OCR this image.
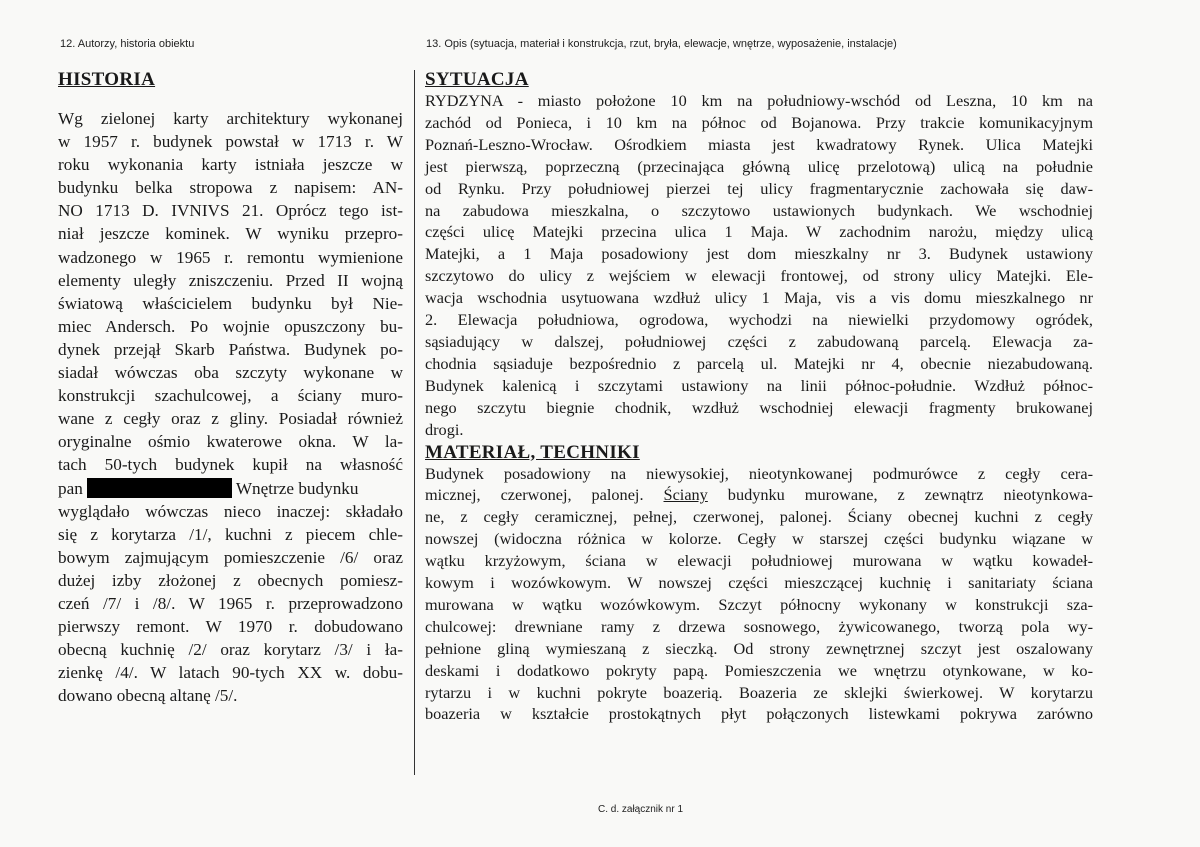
12. Autorzy, historia obiektu	13. Opis (sytuacja, materiał i konstrukcja, rzut, bryła, elewacje, wnętrze, wyposażenie, instalacje)
HISTORIA
Wg zielonej karty architektury wykonanej
w 1957 r. budynek powstał w 1713 r. W
roku wykonania karty istniała jeszcze w
budynku belka stropowa z napisem: AN-
NO 1713 D. IVNIVS 21. Oprócz tego ist-
niał jeszcze kominek. W wyniku przepro-
wadzonego w 1965 r. remontu wymienione
elementy uległy zniszczeniu. Przed II wojną
światową właścicielem budynku był Nie-
miec Andersch. Po wojnie opuszczony bu-
dynek przejął Skarb Państwa. Budynek po-
siadał wówczas oba szczyty wykonane w
konstrukcji szachulcowej, a ściany muro-
wane z cegły oraz z gliny. Posiadał również
oryginalne ośmio kwaterowe okna. W la-
tach 50-tych budynek kupił na własność
pan	Wnętrze budynku
wyglądało wówczas nieco inaczej: składało
się z korytarza /1/, kuchni z piecem chle-
bowym zajmującym pomieszczenie /6/ oraz
dużej izby złożonej z obecnych pomiesz-
czeń /7/ i /8/. W 1965 r. przeprowadzono
pierwszy remont. W 1970 r. dobudowano
obecną kuchnię /2/ oraz korytarz /3/ i ła-
zienkę /4/. W latach 90-tych XX w. dobu-
dowano obecną altanę /5/.
SYTUACJA
RYDZYNA - miasto położone 10 km na południowy-wschód od Leszna, 10 km na
zachód od Ponieca, i 10 km na północ od Bojanowa. Przy trakcie komunikacyjnym
Poznań-Leszno-Wrocław. Ośrodkiem miasta jest kwadratowy Rynek. Ulica Matejki
jest pierwszą, poprzeczną (przecinająca główną ulicę przelotową) ulicą na południe
od Rynku. Przy południowej pierzei tej ulicy fragmentarycznie zachowała się daw-
na zabudowa mieszkalna, o szczytowo ustawionych budynkach. We wschodniej
części ulicę Matejki przecina ulica 1 Maja. W zachodnim narożu, między ulicą
Matejki, a 1 Maja posadowiony jest dom mieszkalny nr 3. Budynek ustawiony
szczytowo do ulicy z wejściem w elewacji frontowej, od strony ulicy Matejki. Ele-
wacja wschodnia usytuowana wzdłuż ulicy 1 Maja, vis a vis domu mieszkalnego nr
2. Elewacja południowa, ogrodowa, wychodzi na niewielki przydomowy ogródek,
sąsiadujący w dalszej, południowej części z zabudowaną parcelą. Elewacja za-
chodnia sąsiaduje bezpośrednio z parcelą ul. Matejki nr 4, obecnie niezabudowaną.
Budynek kalenicą i szczytami ustawiony na linii północ-południe. Wzdłuż północ-
nego szczytu biegnie chodnik, wzdłuż wschodniej elewacji fragmenty brukowanej
drogi.
MATERIAŁ, TECHNIKI
Budynek posadowiony na niewysokiej, nieotynkowanej podmurówce z cegły cera-
micznej, czerwonej, palonej. Ściany budynku murowane, z zewnątrz nieotynkowa-
ne, z cegły ceramicznej, pełnej, czerwonej, palonej. Ściany obecnej kuchni z cegły
nowszej (widoczna różnica w kolorze. Cegły w starszej części budynku wiązane w
wątku krzyżowym, ściana w elewacji południowej murowana w wątku kowadeł-
kowym i wozówkowym. W nowszej części mieszczącej kuchnię i sanitariaty ściana
murowana w wątku wozówkowym. Szczyt północny wykonany w konstrukcji sza-
chulcowej: drewniane ramy z drzewa sosnowego, żywicowanego, tworzą pola wy-
pełnione gliną wymieszaną z sieczką. Od strony zewnętrznej szczyt jest oszalowany
deskami i dodatkowo pokryty papą. Pomieszczenia we wnętrzu otynkowane, w ko-
rytarzu i w kuchni pokryte boazerią. Boazeria ze sklejki świerkowej. W korytarzu
boazeria w kształcie prostokątnych płyt połączonych listewkami pokrywa zarówno
C. d. załącznik nr 1
